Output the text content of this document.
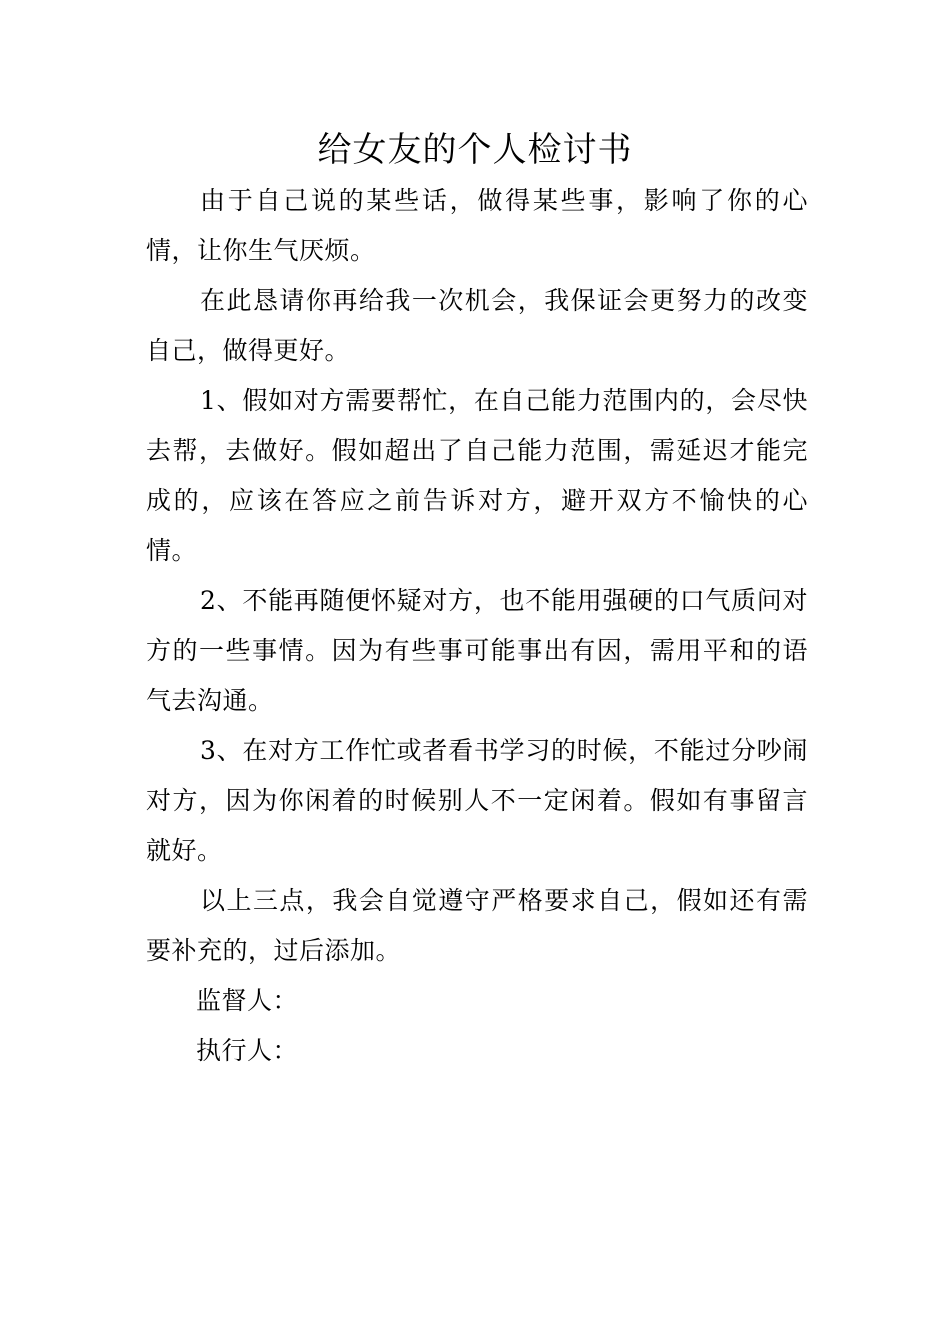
给女友的个人检讨书

由于自己说的某些话，做得某些事，影响了你的心情，让你生气厌烦。

在此恳请你再给我一次机会，我保证会更努力的改变自己，做得更好。

1、假如对方需要帮忙，在自己能力范围内的，会尽快去帮，去做好。假如超出了自己能力范围，需延迟才能完成的，应该在答应之前告诉对方，避开双方不愉快的心情。

2、不能再随便怀疑对方，也不能用强硬的口气质问对方的一些事情。因为有些事可能事出有因，需用平和的语气去沟通。

3、在对方工作忙或者看书学习的时候，不能过分吵闹对方，因为你闲着的时候别人不一定闲着。假如有事留言就好。

以上三点，我会自觉遵守严格要求自己，假如还有需要补充的，过后添加。

监督人：

执行人：
